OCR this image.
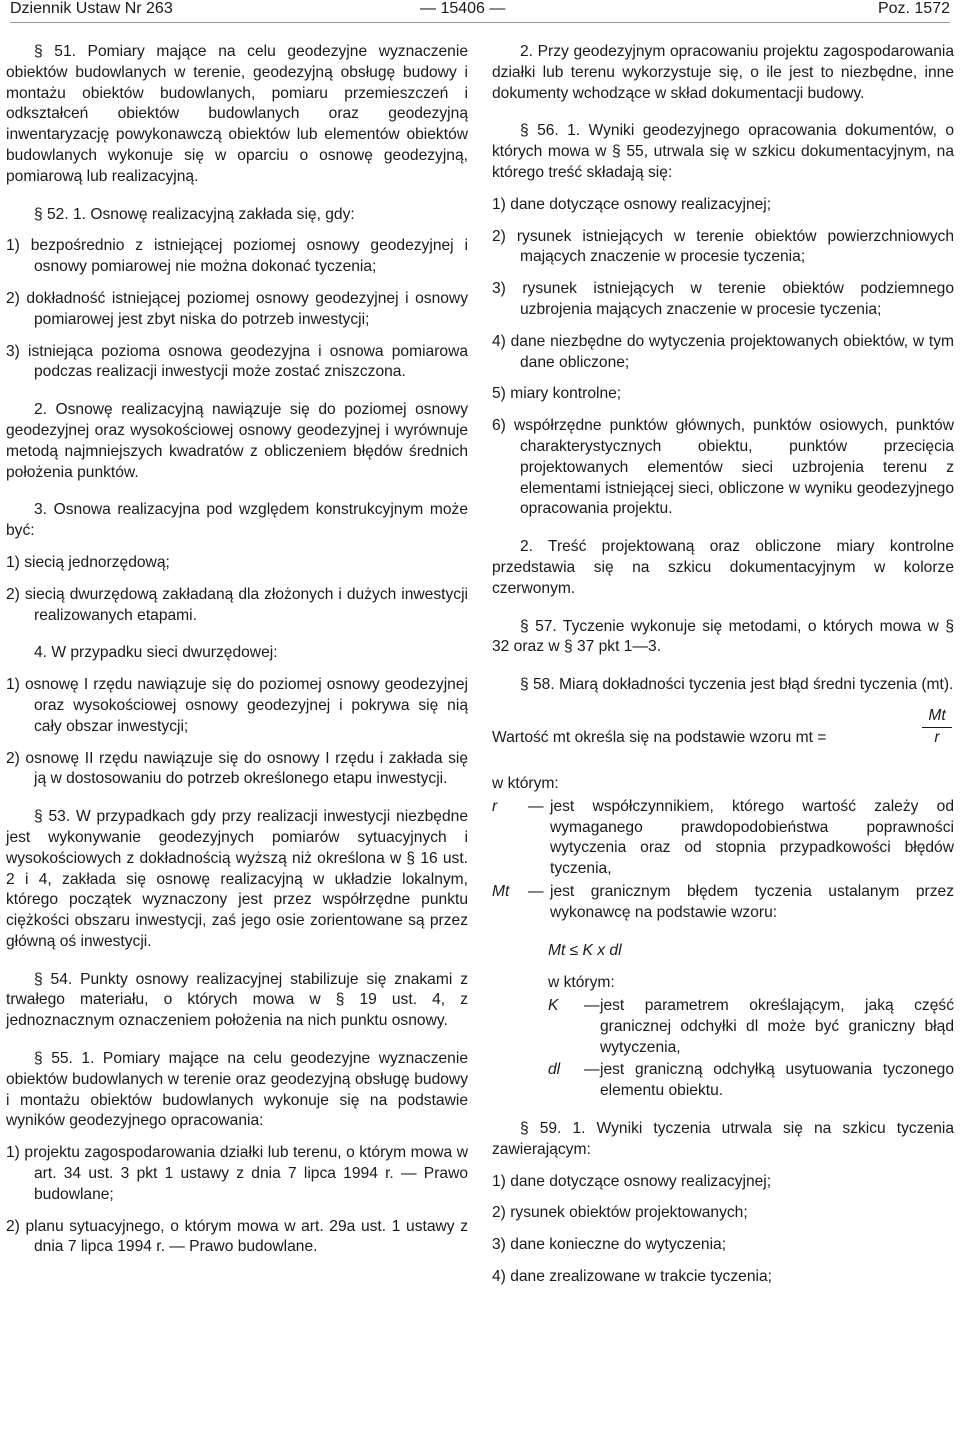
Dziennik Ustaw Nr 263	— 15406 —	Poz. 1572

§ 51. Pomiary mające na celu geodezyjne wyznaczenie obiektów budowlanych w terenie, geodezyjną obsługę budowy i montażu obiektów budowlanych, pomiaru przemieszczeń i odkształceń obiektów budowlanych oraz geodezyjną inwentaryzację powykonawczą obiektów lub elementów obiektów budowlanych wykonuje się w oparciu o osnowę geodezyjną, pomiarową lub realizacyjną.

§ 52. 1. Osnowę realizacyjną zakłada się, gdy:

1) bezpośrednio z istniejącej poziomej osnowy geodezyjnej i osnowy pomiarowej nie można dokonać tyczenia;

2) dokładność istniejącej poziomej osnowy geodezyjnej i osnowy pomiarowej jest zbyt niska do potrzeb inwestycji;

3) istniejąca pozioma osnowa geodezyjna i osnowa pomiarowa podczas realizacji inwestycji może zostać zniszczona.

2. Osnowę realizacyjną nawiązuje się do poziomej osnowy geodezyjnej oraz wysokościowej osnowy geodezyjnej i wyrównuje metodą najmniejszych kwadratów z obliczeniem błędów średnich położenia punktów.

3. Osnowa realizacyjna pod względem konstrukcyjnym może być:

1) siecią jednorzędową;

2) siecią dwurzędową zakładaną dla złożonych i dużych inwestycji realizowanych etapami.

4. W przypadku sieci dwurzędowej:

1) osnowę I rzędu nawiązuje się do poziomej osnowy geodezyjnej oraz wysokościowej osnowy geodezyjnej i pokrywa się nią cały obszar inwestycji;

2) osnowę II rzędu nawiązuje się do osnowy I rzędu i zakłada się ją w dostosowaniu do potrzeb określonego etapu inwestycji.

§ 53. W przypadkach gdy przy realizacji inwestycji niezbędne jest wykonywanie geodezyjnych pomiarów sytuacyjnych i wysokościowych z dokładnością wyższą niż określona w § 16 ust. 2 i 4, zakłada się osnowę realizacyjną w układzie lokalnym, którego początek wyznaczony jest przez współrzędne punktu ciężkości obszaru inwestycji, zaś jego osie zorientowane są przez główną oś inwestycji.

§ 54. Punkty osnowy realizacyjnej stabilizuje się znakami z trwałego materiału, o których mowa w § 19 ust. 4, z jednoznacznym oznaczeniem położenia na nich punktu osnowy.

§ 55. 1. Pomiary mające na celu geodezyjne wyznaczenie obiektów budowlanych w terenie oraz geodezyjną obsługę budowy i montażu obiektów budowlanych wykonuje się na podstawie wyników geodezyjnego opracowania:

1) projektu zagospodarowania działki lub terenu, o którym mowa w art. 34 ust. 3 pkt 1 ustawy z dnia 7 lipca 1994 r. — Prawo budowlane;

2) planu sytuacyjnego, o którym mowa w art. 29a ust. 1 ustawy z dnia 7 lipca 1994 r. — Prawo budowlane.

2. Przy geodezyjnym opracowaniu projektu zagospodarowania działki lub terenu wykorzystuje się, o ile jest to niezbędne, inne dokumenty wchodzące w skład dokumentacji budowy.

§ 56. 1. Wyniki geodezyjnego opracowania dokumentów, o których mowa w § 55, utrwala się w szkicu dokumentacyjnym, na którego treść składają się:

1) dane dotyczące osnowy realizacyjnej;

2) rysunek istniejących w terenie obiektów powierzchniowych mających znaczenie w procesie tyczenia;

3) rysunek istniejących w terenie obiektów podziemnego uzbrojenia mających znaczenie w procesie tyczenia;

4) dane niezbędne do wytyczenia projektowanych obiektów, w tym dane obliczone;

5) miary kontrolne;

6) współrzędne punktów głównych, punktów osiowych, punktów charakterystycznych obiektu, punktów przecięcia projektowanych elementów sieci uzbrojenia terenu z elementami istniejącej sieci, obliczone w wyniku geodezyjnego opracowania projektu.

2. Treść projektowaną oraz obliczone miary kontrolne przedstawia się na szkicu dokumentacyjnym w kolorze czerwonym.

§ 57. Tyczenie wykonuje się metodami, o których mowa w § 32 oraz w § 37 pkt 1—3.

§ 58. Miarą dokładności tyczenia jest błąd średni tyczenia (mt).

Wartość mt określa się na podstawie wzoru mt =	$\frac{Mt}{r}$

w którym:

r — jest współczynnikiem, którego wartość zależy od wymaganego prawdopodobieństwa poprawności wytyczenia oraz od stopnia przypadkowości błędów tyczenia,
Mt — jest granicznym błędem tyczenia ustalanym przez wykonawcę na podstawie wzoru:

Mt ≤ K x dl

w którym:

K — jest parametrem określającym, jaką część granicznej odchyłki dl może być graniczny błąd wytyczenia,
dl — jest graniczną odchyłką usytuowania tyczonego elementu obiektu.

§ 59. 1. Wyniki tyczenia utrwala się na szkicu tyczenia zawierającym:

1) dane dotyczące osnowy realizacyjnej;

2) rysunek obiektów projektowanych;

3) dane konieczne do wytyczenia;

4) dane zrealizowane w trakcie tyczenia;
